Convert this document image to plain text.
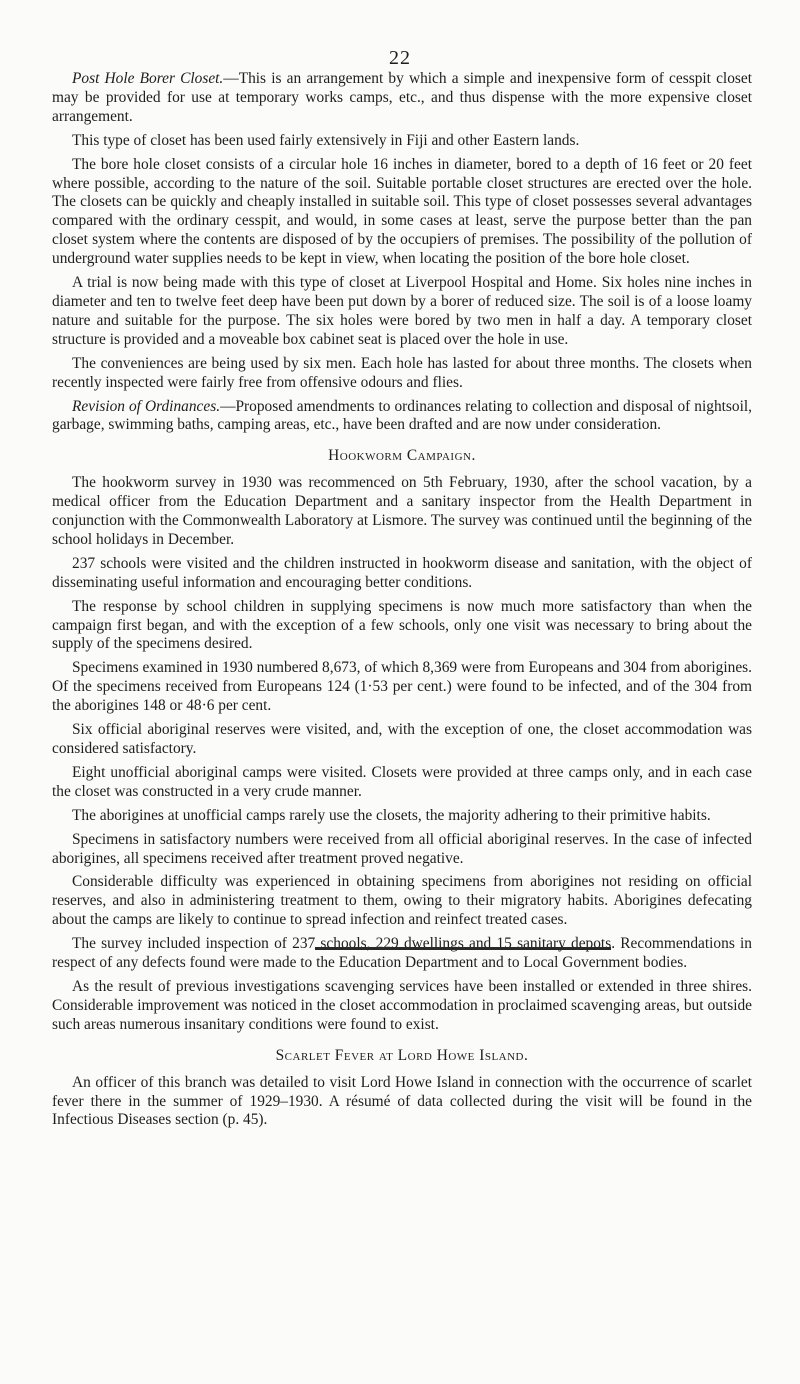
22

Post Hole Borer Closet.—This is an arrangement by which a simple and inexpensive form of cesspit closet may be provided for use at temporary works camps, etc., and thus dispense with the more expensive closet arrangement.

This type of closet has been used fairly extensively in Fiji and other Eastern lands.

The bore hole closet consists of a circular hole 16 inches in diameter, bored to a depth of 16 feet or 20 feet where possible, according to the nature of the soil. Suitable portable closet structures are erected over the hole. The closets can be quickly and cheaply installed in suitable soil. This type of closet possesses several advantages compared with the ordinary cesspit, and would, in some cases at least, serve the purpose better than the pan closet system where the contents are disposed of by the occupiers of premises. The possibility of the pollution of underground water supplies needs to be kept in view, when locating the position of the bore hole closet.

A trial is now being made with this type of closet at Liverpool Hospital and Home. Six holes nine inches in diameter and ten to twelve feet deep have been put down by a borer of reduced size. The soil is of a loose loamy nature and suitable for the purpose. The six holes were bored by two men in half a day. A temporary closet structure is provided and a moveable box cabinet seat is placed over the hole in use.

The conveniences are being used by six men. Each hole has lasted for about three months. The closets when recently inspected were fairly free from offensive odours and flies.

Revision of Ordinances.—Proposed amendments to ordinances relating to collection and disposal of nightsoil, garbage, swimming baths, camping areas, etc., have been drafted and are now under consideration.

Hookworm Campaign.

The hookworm survey in 1930 was recommenced on 5th February, 1930, after the school vacation, by a medical officer from the Education Department and a sanitary inspector from the Health Department in conjunction with the Commonwealth Laboratory at Lismore. The survey was continued until the beginning of the school holidays in December.

237 schools were visited and the children instructed in hookworm disease and sanitation, with the object of disseminating useful information and encouraging better conditions.

The response by school children in supplying specimens is now much more satisfactory than when the campaign first began, and with the exception of a few schools, only one visit was necessary to bring about the supply of the specimens desired.

Specimens examined in 1930 numbered 8,673, of which 8,369 were from Europeans and 304 from aborigines. Of the specimens received from Europeans 124 (1·53 per cent.) were found to be infected, and of the 304 from the aborigines 148 or 48·6 per cent.

Six official aboriginal reserves were visited, and, with the exception of one, the closet accommodation was considered satisfactory.

Eight unofficial aboriginal camps were visited. Closets were provided at three camps only, and in each case the closet was constructed in a very crude manner.

The aborigines at unofficial camps rarely use the closets, the majority adhering to their primitive habits.

Specimens in satisfactory numbers were received from all official aboriginal reserves. In the case of infected aborigines, all specimens received after treatment proved negative.

Considerable difficulty was experienced in obtaining specimens from aborigines not residing on official reserves, and also in administering treatment to them, owing to their migratory habits. Aborigines defecating about the camps are likely to continue to spread infection and reinfect treated cases.

The survey included inspection of 237 schools, 229 dwellings and 15 sanitary depots. Recommendations in respect of any defects found were made to the Education Department and to Local Government bodies.

As the result of previous investigations scavenging services have been installed or extended in three shires. Considerable improvement was noticed in the closet accommodation in proclaimed scavenging areas, but outside such areas numerous insanitary conditions were found to exist.

Scarlet Fever at Lord Howe Island.

An officer of this branch was detailed to visit Lord Howe Island in connection with the occurrence of scarlet fever there in the summer of 1929–1930. A résumé of data collected during the visit will be found in the Infectious Diseases section (p. 45).
